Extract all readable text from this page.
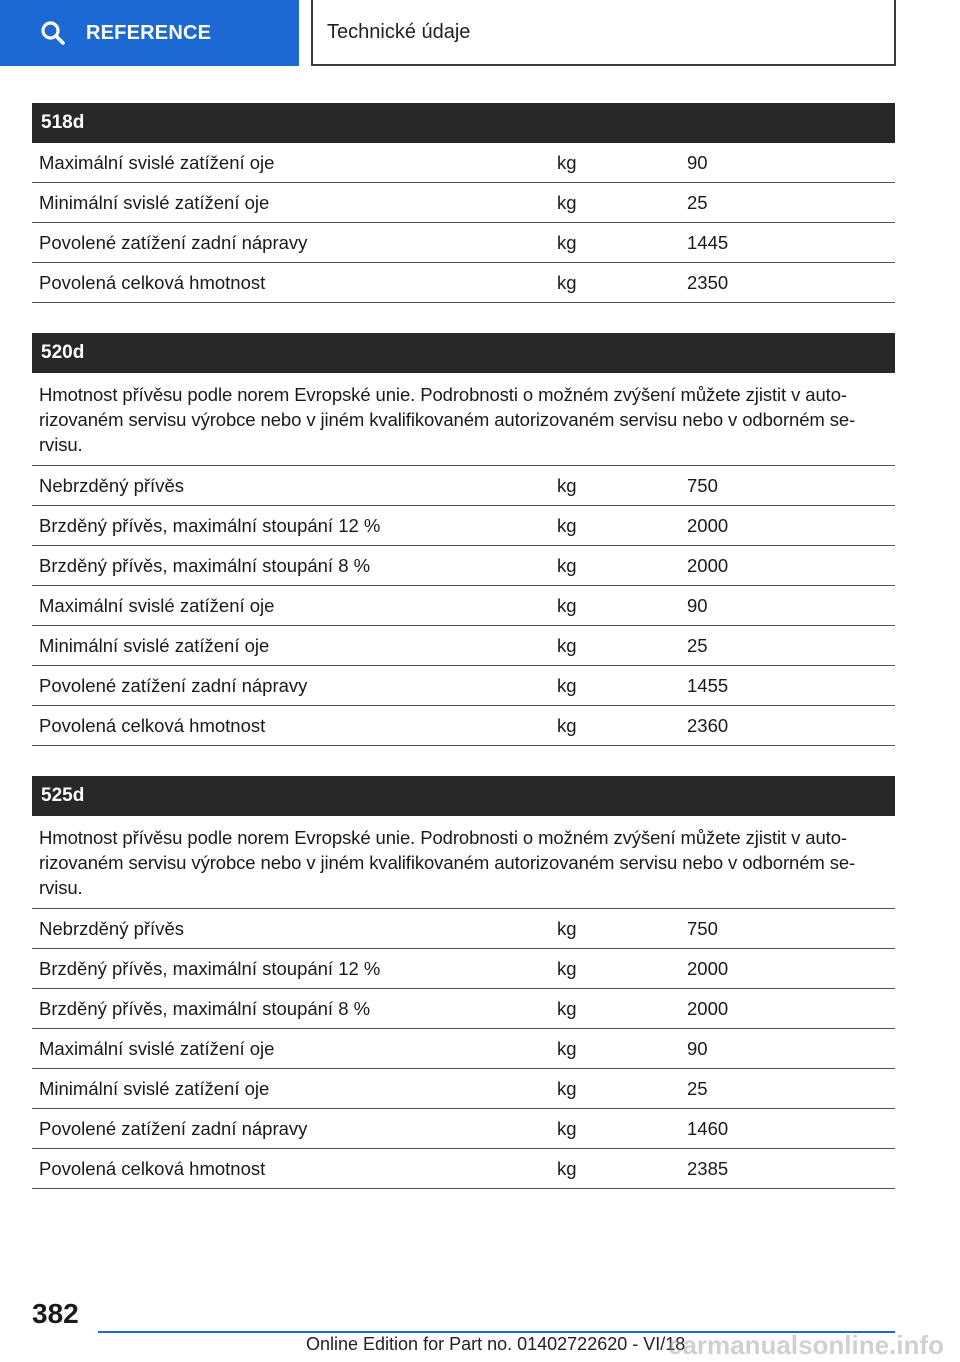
REFERENCE	Technické údaje
518d
Maximální svislé zatížení oje	kg	90
Minimální svislé zatížení oje	kg	25
Povolené zatížení zadní nápravy	kg	1445
Povolená celková hmotnost	kg	2350
520d
Hmotnost přívěsu podle norem Evropské unie. Podrobnosti o možném zvýšení můžete zjistit v autorizovaném servisu výrobce nebo v jiném kvalifikovaném autorizovaném servisu nebo v odborném servisu.
Nebrzděný přívěs	kg	750
Brzděný přívěs, maximální stoupání 12 %	kg	2000
Brzděný přívěs, maximální stoupání 8 %	kg	2000
Maximální svislé zatížení oje	kg	90
Minimální svislé zatížení oje	kg	25
Povolené zatížení zadní nápravy	kg	1455
Povolená celková hmotnost	kg	2360
525d
Hmotnost přívěsu podle norem Evropské unie. Podrobnosti o možném zvýšení můžete zjistit v autorizovaném servisu výrobce nebo v jiném kvalifikovaném autorizovaném servisu nebo v odborném servisu.
Nebrzděný přívěs	kg	750
Brzděný přívěs, maximální stoupání 12 %	kg	2000
Brzděný přívěs, maximální stoupání 8 %	kg	2000
Maximální svislé zatížení oje	kg	90
Minimální svislé zatížení oje	kg	25
Povolené zatížení zadní nápravy	kg	1460
Povolená celková hmotnost	kg	2385
382
Online Edition for Part no. 01402722620 - VI/18
carmanualsonline.info
